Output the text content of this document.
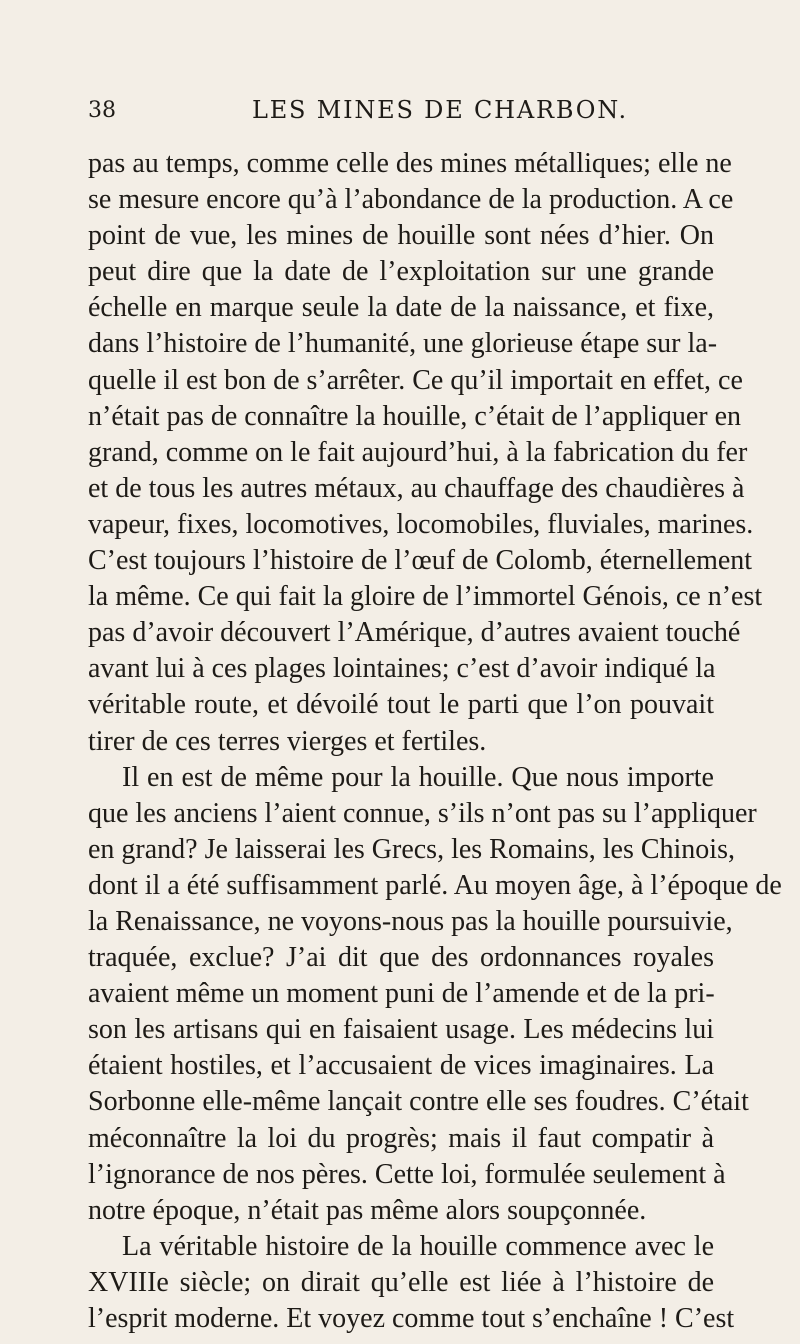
38	LES MINES DE CHARBON.
pas au temps, comme celle des mines métalliques; elle ne
se mesure encore qu’à l’abondance de la production. A ce
point de vue, les mines de houille sont nées d’hier. On
peut dire que la date de l’exploitation sur une grande
échelle en marque seule la date de la naissance, et fixe,
dans l’histoire de l’humanité, une glorieuse étape sur la-
quelle il est bon de s’arrêter. Ce qu’il importait en effet, ce
n’était pas de connaître la houille, c’était de l’appliquer en
grand, comme on le fait aujourd’hui, à la fabrication du fer
et de tous les autres métaux, au chauffage des chaudières à
vapeur, fixes, locomotives, locomobiles, fluviales, marines.
C’est toujours l’histoire de l’œuf de Colomb, éternellement
la même. Ce qui fait la gloire de l’immortel Génois, ce n’est
pas d’avoir découvert l’Amérique, d’autres avaient touché
avant lui à ces plages lointaines; c’est d’avoir indiqué la
véritable route, et dévoilé tout le parti que l’on pouvait
tirer de ces terres vierges et fertiles.
Il en est de même pour la houille. Que nous importe
que les anciens l’aient connue, s’ils n’ont pas su l’appliquer
en grand? Je laisserai les Grecs, les Romains, les Chinois,
dont il a été suffisamment parlé. Au moyen âge, à l’époque de
la Renaissance, ne voyons-nous pas la houille poursuivie,
traquée, exclue? J’ai dit que des ordonnances royales
avaient même un moment puni de l’amende et de la pri-
son les artisans qui en faisaient usage. Les médecins lui
étaient hostiles, et l’accusaient de vices imaginaires. La
Sorbonne elle-même lançait contre elle ses foudres. C’était
méconnaître la loi du progrès; mais il faut compatir à
l’ignorance de nos pères. Cette loi, formulée seulement à
notre époque, n’était pas même alors soupçonnée.
La véritable histoire de la houille commence avec le
XVIIIe siècle; on dirait qu’elle est liée à l’histoire de
l’esprit moderne. Et voyez comme tout s’enchaîne ! C’est
